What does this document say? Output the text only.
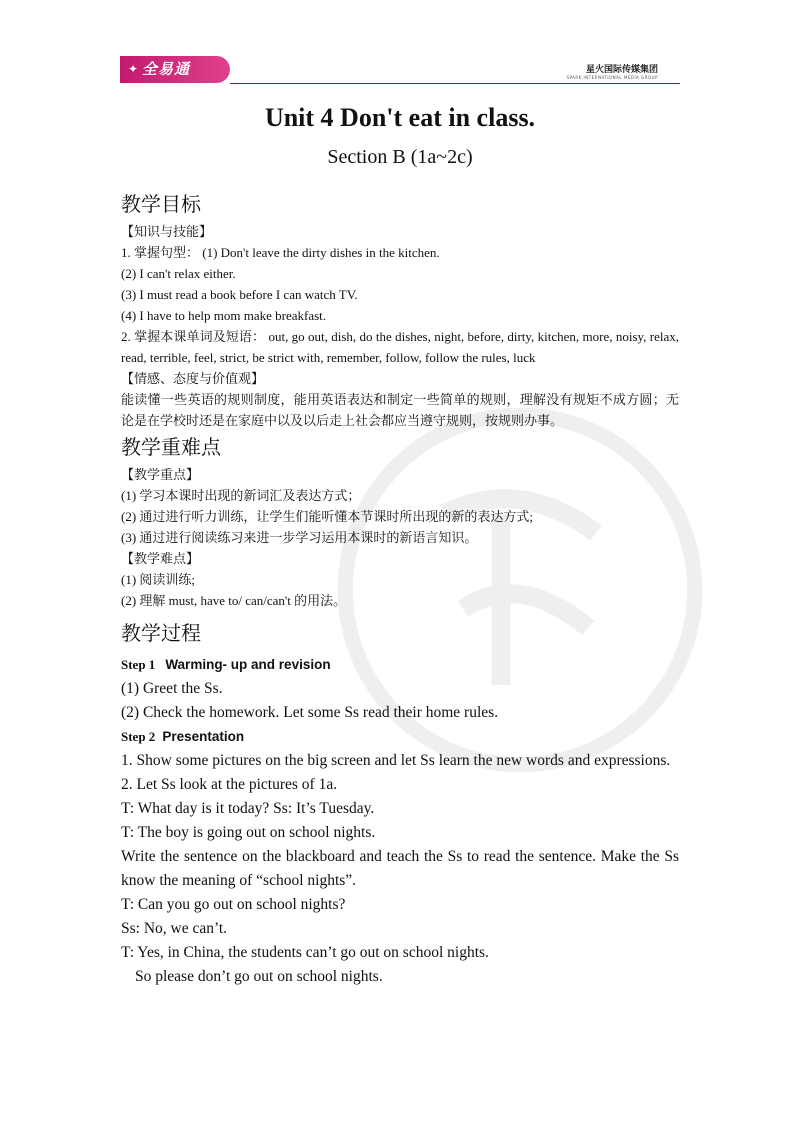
✦ 全易通	星火国际传媒集团
SPARK INTERNATIONAL MEDIA GROUP
Unit 4 Don't eat in class.
Section B (1a~2c)
教学目标

【知识与技能】

1. 掌握句型： (1) Don't leave the dirty dishes in the kitchen.

(2) I can't relax either.

(3) I must read a book before I can watch TV.

(4) I have to help mom make breakfast.

2. 掌握本课单词及短语： out, go out, dish, do the dishes, night, before, dirty, kitchen, more, noisy, relax, read, terrible, feel, strict, be strict with, remember, follow, follow the rules, luck

【情感、态度与价值观】

能读懂一些英语的规则制度，能用英语表达和制定一些简单的规则，理解没有规矩不成方圆；无论是在学校时还是在家庭中以及以后走上社会都应当遵守规则，按规则办事。

教学重难点

【教学重点】

(1) 学习本课时出现的新词汇及表达方式；

(2) 通过进行听力训练，让学生们能听懂本节课时所出现的新的表达方式;

(3) 通过进行阅读练习来进一步学习运用本课时的新语言知识。

【教学难点】

(1) 阅读训练;

(2) 理解 must, have to/ can/can't 的用法。

教学过程

Step 1 Warming- up and revision

(1) Greet the Ss.

(2) Check the homework. Let some Ss read their home rules.

Step 2 Presentation

1. Show some pictures on the big screen and let Ss learn the new words and expressions.

2. Let Ss look at the pictures of 1a.

T: What day is it today? Ss: It’s Tuesday.

T: The boy is going out on school nights.

Write the sentence on the blackboard and teach the Ss to read the sentence. Make the Ss know the meaning of “school nights”.

T: Can you go out on school nights?

Ss: No, we can’t.

T: Yes, in China, the students can’t go out on school nights.

So please don’t go out on school nights.
